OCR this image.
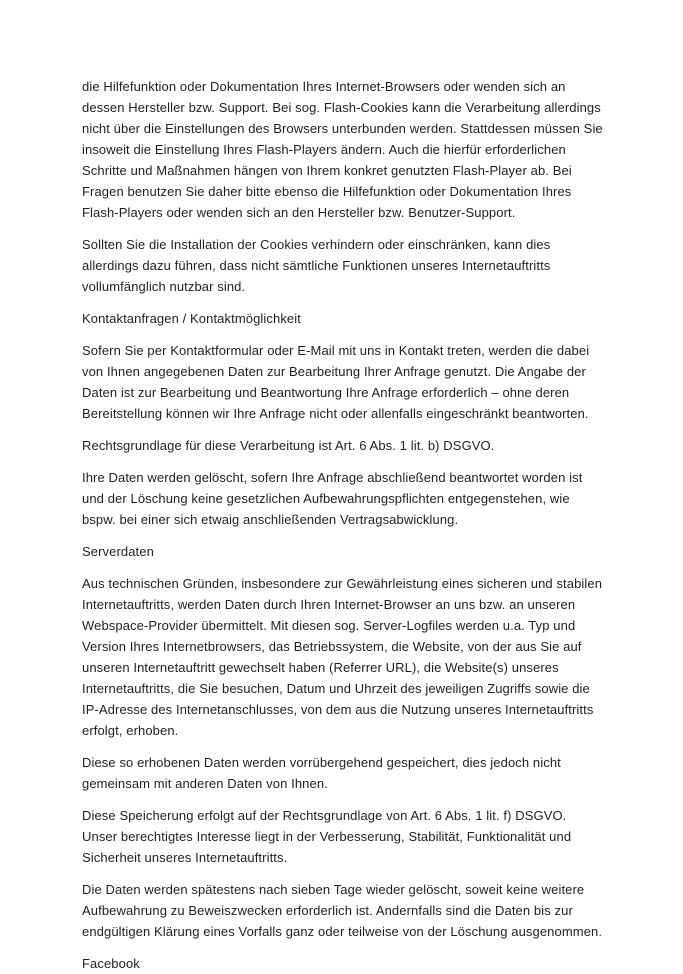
die Hilfefunktion oder Dokumentation Ihres Internet-Browsers oder wenden sich an dessen Hersteller bzw. Support. Bei sog. Flash-Cookies kann die Verarbeitung allerdings nicht über die Einstellungen des Browsers unterbunden werden. Stattdessen müssen Sie insoweit die Einstellung Ihres Flash-Players ändern. Auch die hierfür erforderlichen Schritte und Maßnahmen hängen von Ihrem konkret genutzten Flash-Player ab. Bei Fragen benutzen Sie daher bitte ebenso die Hilfefunktion oder Dokumentation Ihres Flash-Players oder wenden sich an den Hersteller bzw. Benutzer-Support.

Sollten Sie die Installation der Cookies verhindern oder einschränken, kann dies allerdings dazu führen, dass nicht sämtliche Funktionen unseres Internetauftritts vollumfänglich nutzbar sind.

Kontaktanfragen / Kontaktmöglichkeit

Sofern Sie per Kontaktformular oder E-Mail mit uns in Kontakt treten, werden die dabei von Ihnen angegebenen Daten zur Bearbeitung Ihrer Anfrage genutzt. Die Angabe der Daten ist zur Bearbeitung und Beantwortung Ihre Anfrage erforderlich – ohne deren Bereitstellung können wir Ihre Anfrage nicht oder allenfalls eingeschränkt beantworten.

Rechtsgrundlage für diese Verarbeitung ist Art. 6 Abs. 1 lit. b) DSGVO.

Ihre Daten werden gelöscht, sofern Ihre Anfrage abschließend beantwortet worden ist und der Löschung keine gesetzlichen Aufbewahrungspflichten entgegenstehen, wie bspw. bei einer sich etwaig anschließenden Vertragsabwicklung.

Serverdaten

Aus technischen Gründen, insbesondere zur Gewährleistung eines sicheren und stabilen Internetauftritts, werden Daten durch Ihren Internet-Browser an uns bzw. an unseren Webspace-Provider übermittelt. Mit diesen sog. Server-Logfiles werden u.a. Typ und Version Ihres Internetbrowsers, das Betriebssystem, die Website, von der aus Sie auf unseren Internetauftritt gewechselt haben (Referrer URL), die Website(s) unseres Internetauftritts, die Sie besuchen, Datum und Uhrzeit des jeweiligen Zugriffs sowie die IP-Adresse des Internetanschlusses, von dem aus die Nutzung unseres Internetauftritts erfolgt, erhoben.

Diese so erhobenen Daten werden vorrübergehend gespeichert, dies jedoch nicht gemeinsam mit anderen Daten von Ihnen.

Diese Speicherung erfolgt auf der Rechtsgrundlage von Art. 6 Abs. 1 lit. f) DSGVO. Unser berechtigtes Interesse liegt in der Verbesserung, Stabilität, Funktionalität und Sicherheit unseres Internetauftritts.

Die Daten werden spätestens nach sieben Tage wieder gelöscht, soweit keine weitere Aufbewahrung zu Beweiszwecken erforderlich ist. Andernfalls sind die Daten bis zur endgültigen Klärung eines Vorfalls ganz oder teilweise von der Löschung ausgenommen.

Facebook
